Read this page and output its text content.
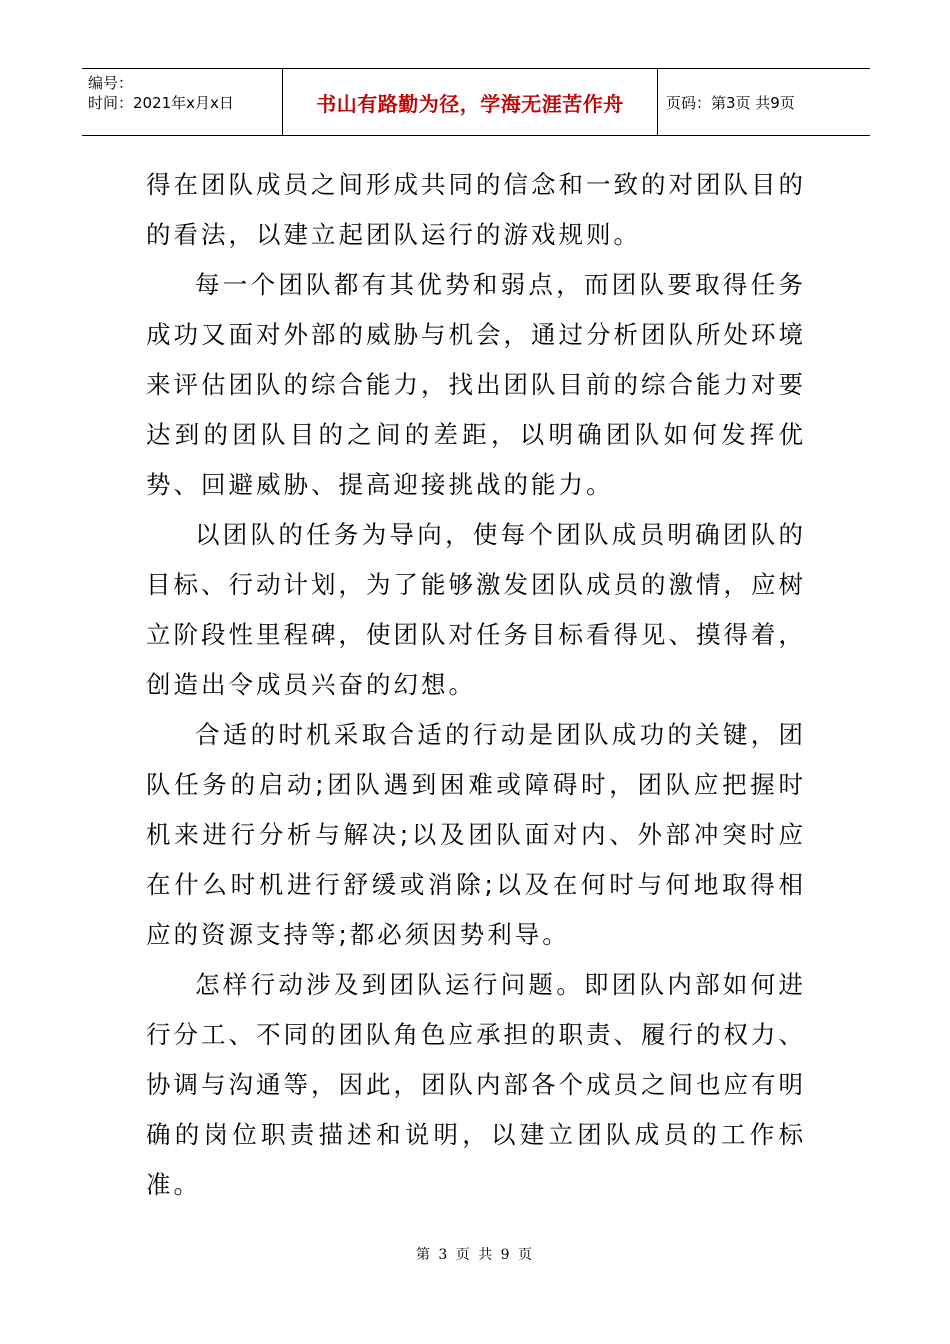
编号：
时间：2021年x月x日	书山有路勤为径，学海无涯苦作舟	页码：第3页 共9页

得在团队成员之间形成共同的信念和一致的对团队目的的看法，以建立起团队运行的游戏规则。

每一个团队都有其优势和弱点，而团队要取得任务成功又面对外部的威胁与机会，通过分析团队所处环境来评估团队的综合能力，找出团队目前的综合能力对要达到的团队目的之间的差距，以明确团队如何发挥优势、回避威胁、提高迎接挑战的能力。

以团队的任务为导向，使每个团队成员明确团队的目标、行动计划，为了能够激发团队成员的激情，应树立阶段性里程碑，使团队对任务目标看得见、摸得着，创造出令成员兴奋的幻想。

合适的时机采取合适的行动是团队成功的关键，团队任务的启动;团队遇到困难或障碍时，团队应把握时机来进行分析与解决;以及团队面对内、外部冲突时应在什么时机进行舒缓或消除;以及在何时与何地取得相应的资源支持等;都必须因势利导。

怎样行动涉及到团队运行问题。即团队内部如何进行分工、不同的团队角色应承担的职责、履行的权力、协调与沟通等，因此，团队内部各个成员之间也应有明确的岗位职责描述和说明，以建立团队成员的工作标准。

第 3 页 共 9 页
